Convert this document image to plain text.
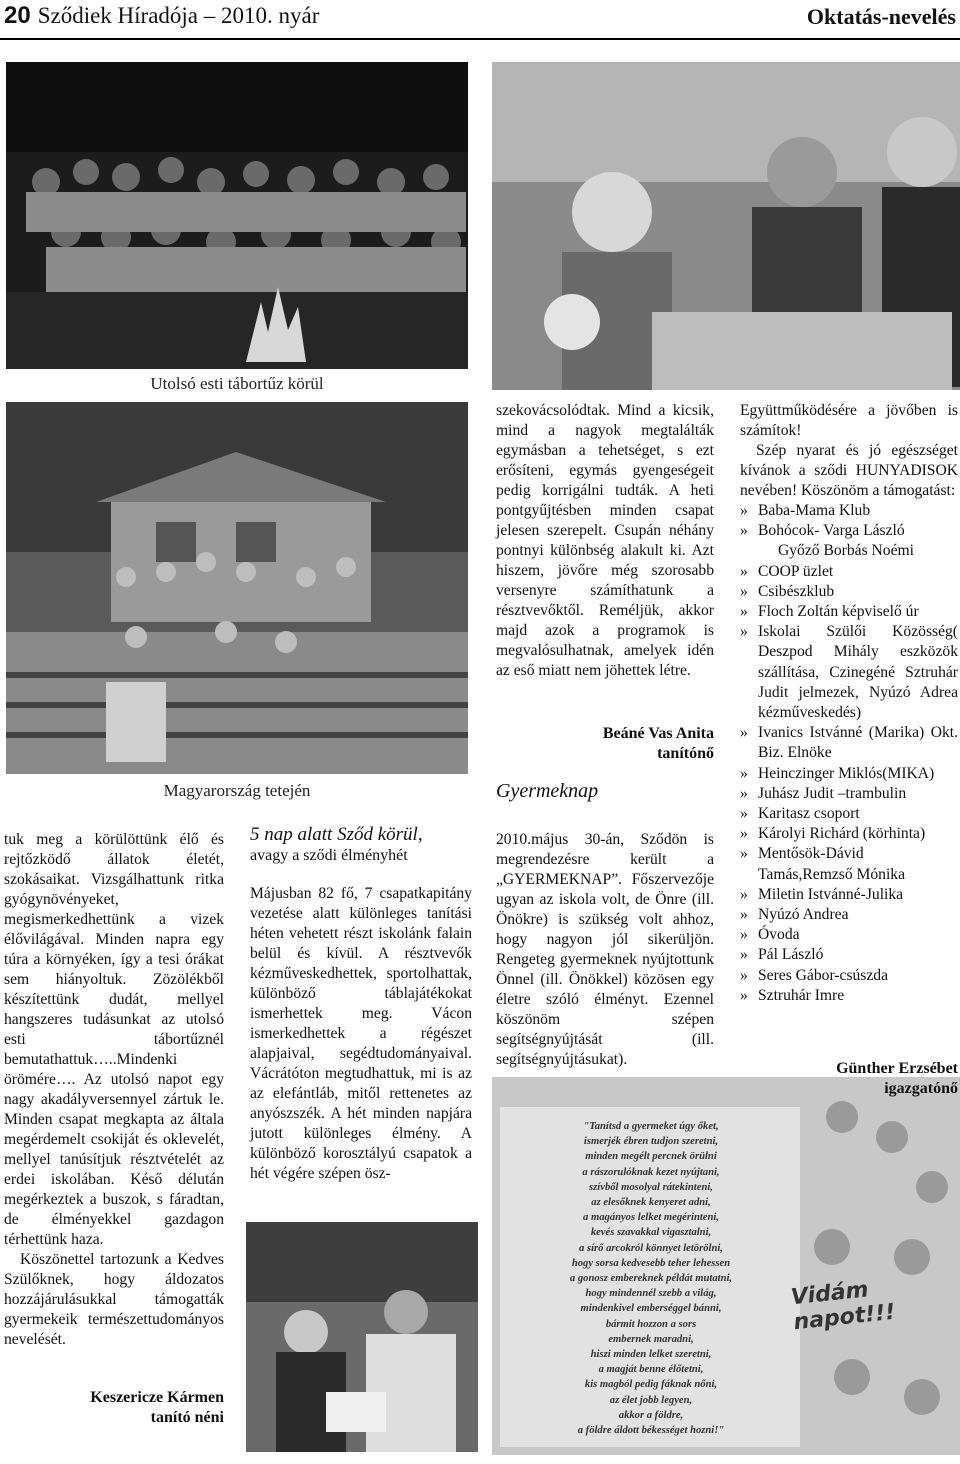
20 Sződiek Híradója – 2010. nyár	Oktatás-nevelés
Utolsó esti tábortűz körül
Magyarország tetején
"Tanítsd a gyermeket úgy őket,
ismerjék ébren tudjon szeretni,
minden megélt percnek örülni
a rászorulóknak kezet nyújtani,
szívből mosolyal rátekinteni,
az elesőknek kenyeret adni,
a magányos lelket megérinteni,
kevés szavakkal vigasztalni,
a sírő arcokról könnyet letörölni,
hogy sorsa kedvesebb teher lehessen
a gonosz embereknek példát mutatni,
hogy mindennél szebb a világ,
mindenkivel emberséggel bánni,
bármit hozzon a sors
embernek maradni,
hiszi minden lelket szeretni,
a magját benne élőtetni,
kis magból pedig fáknak nőni,
az élet jobb legyen,
akkor a földre,
a földre áldott békességet hozni!"
Vidám napot!!!

tuk meg a körülöttünk élő és rejtőzködő állatok életét, szokásaikat. Vizsgálhattunk ritka gyógynövényeket, megismerkedhettünk a vizek élővilágával. Minden napra egy túra a környéken, így a tesi órákat sem hiányoltuk. Zözölékből készítettünk dudát, mellyel hangszeres tudásunkat az utolsó esti tábortűznél bemutathattuk…..Mindenki örömére…. Az utolsó napot egy nagy akadályversennyel zártuk le. Minden csapat megkapta az általa megérdemelt csokiját és oklevelét, mellyel tanúsítjuk résztvételét az erdei iskolában. Késő délután megérkeztek a buszok, s fáradtan, de élményekkel gazdagon térhettünk haza.

Köszönettel tartozunk a Kedves Szülőknek, hogy áldozatos hozzájárulásukkal támogatták gyermekeik természettudományos nevelését.

Keszericze Kármen
tanító néni
5 nap alatt Sződ körül,
avagy a sződi élményhét
Májusban 82 fő, 7 csapatkapitány vezetése alatt különleges tanítási héten vehetett részt iskolánk falain belül és kívül. A résztvevők kézműveskedhettek, sportolhattak, különböző táblajátékokat ismerhettek meg. Vácon ismerkedhettek a régészet alapjaival, segédtudományaival. Vácrátóton megtudhattuk, mi is az az elefántláb, mitől rettenetes az anyószszék. A hét minden napjára jutott különleges élmény. A különböző korosztályú csapatok a hét végére szépen ösz-

szekovácsolódtak. Mind a kicsik, mind a nagyok megtalálták egymásban a tehetséget, s ezt erősíteni, egymás gyengeségeit pedig korrigálni tudták. A heti pontgyűjtésben minden csapat jelesen szerepelt. Csupán néhány pontnyi különbség alakult ki. Azt hiszem, jövőre még szorosabb versenyre számíthatunk a résztvevőktől. Reméljük, akkor majd azok a programok is megvalósulhatnak, amelyek idén az eső miatt nem jöhettek létre.

Beáné Vas Anita
tanítónő
Gyermeknap

2010.május 30-án, Sződön is megrendezésre került a „GYERMEKNAP”. Főszervezője ugyan az iskola volt, de Önre (ill. Önökre) is szükség volt ahhoz, hogy nagyon jól sikerüljön. Rengeteg gyermeknek nyújtottunk Önnel (ill. Önökkel) közösen egy életre szóló élményt. Ezennel köszönöm szépen segítségnyújtását (ill. segítségnyújtásukat).

Együttműködésére a jövőben is számítok!

Szép nyarat és jó egészséget kívánok a sződi HUNYADISOK nevében! Köszönöm a támogatást:

» Baba-Mama Klub
» Bohócok- Varga László
Győző Borbás Noémi
» COOP üzlet
» Csibészklub
» Floch Zoltán képviselő úr
» Iskolai Szülői Közösség( Deszpod Mihály eszközök szállítása, Czinegéné Sztruhár Judit jelmezek, Nyúzó Adrea kézműveskedés)
» Ivanics Istvánné (Marika) Okt. Biz. Elnöke
» Heinczinger Miklós(MIKA)
» Juhász Judit –trambulin
» Karitasz csoport
» Károlyi Richárd (körhinta)
» Mentősök-Dávid Tamás,Remzső Mónika
» Miletin Istvánné-Julika
» Nyúzó Andrea
» Óvoda
» Pál László
» Seres Gábor-csúszda
» Sztruhár Imre
Günther Erzsébet
igazgatónő
